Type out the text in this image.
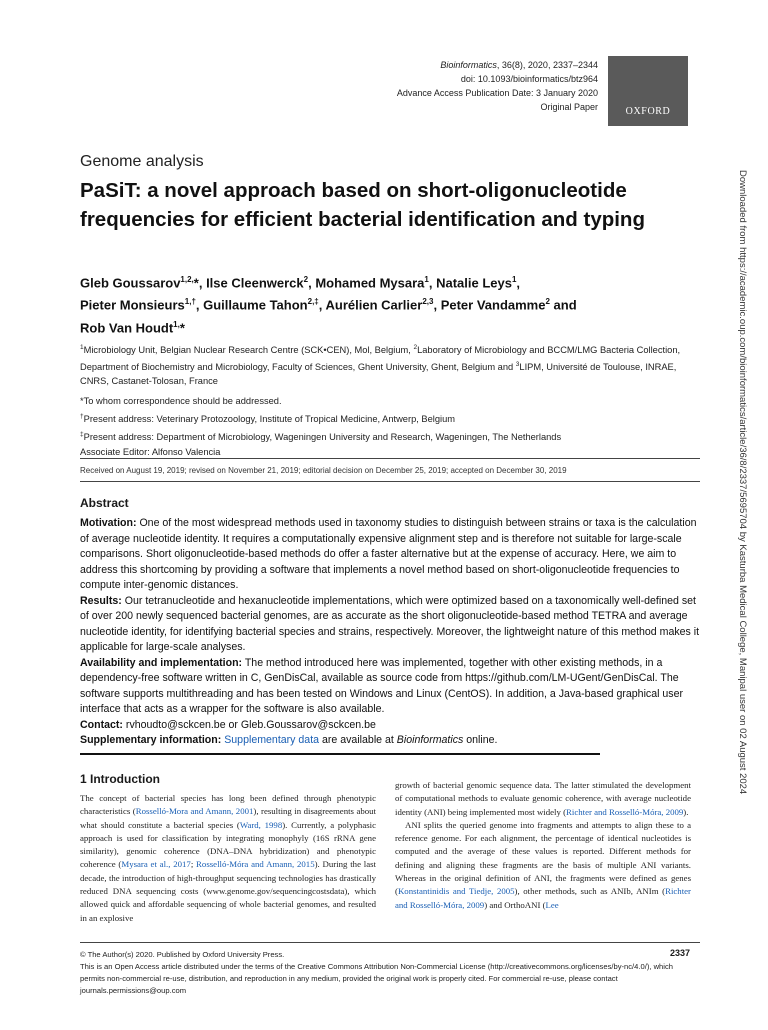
Bioinformatics, 36(8), 2020, 2337–2344
doi: 10.1093/bioinformatics/btz964
Advance Access Publication Date: 3 January 2020
Original Paper	OXFORD
Downloaded from https://academic.oup.com/bioinformatics/article/36/8/2337/5695704 by Kasturba Medical College, Manipal user on 02 August 2024
Genome analysis
PaSiT: a novel approach based on short-oligonucleotide frequencies for efficient bacterial identification and typing
Gleb Goussarov$^{1,2,}$*, Ilse Cleenwerck$^2$, Mohamed Mysara$^1$, Natalie Leys$^1$,
Pieter Monsieurs$^{1,\dagger}$, Guillaume Tahon$^{2,\ddagger}$, Aurélien Carlier$^{2,3}$, Peter Vandamme$^2$ and
Rob Van Houdt$^{1,}$*
$^1$Microbiology Unit, Belgian Nuclear Research Centre (SCK•CEN), Mol, Belgium, $^2$Laboratory of Microbiology and BCCM/LMG Bacteria Collection, Department of Biochemistry and Microbiology, Faculty of Sciences, Ghent University, Ghent, Belgium and $^3$LIPM, Université de Toulouse, INRAE, CNRS, Castanet-Tolosan, France
*To whom correspondence should be addressed.
†Present address: Veterinary Protozoology, Institute of Tropical Medicine, Antwerp, Belgium
‡Present address: Department of Microbiology, Wageningen University and Research, Wageningen, The Netherlands
Associate Editor: Alfonso Valencia
Received on August 19, 2019; revised on November 21, 2019; editorial decision on December 25, 2019; accepted on December 30, 2019
Abstract

Motivation: One of the most widespread methods used in taxonomy studies to distinguish between strains or taxa is the calculation of average nucleotide identity. It requires a computationally expensive alignment step and is therefore not suitable for large-scale comparisons. Short oligonucleotide-based methods do offer a faster alternative but at the expense of accuracy. Here, we aim to address this shortcoming by providing a software that implements a novel method based on short-oligonucleotide frequencies to compute inter-genomic distances.

Results: Our tetranucleotide and hexanucleotide implementations, which were optimized based on a taxonomically well-defined set of over 200 newly sequenced bacterial genomes, are as accurate as the short oligonucleotide-based method TETRA and average nucleotide identity, for identifying bacterial species and strains, respectively. Moreover, the lightweight nature of this method makes it applicable for large-scale analyses.

Availability and implementation: The method introduced here was implemented, together with other existing methods, in a dependency-free software written in C, GenDisCal, available as source code from https://github.com/LM-UGent/GenDisCal. The software supports multithreading and has been tested on Windows and Linux (CentOS). In addition, a Java-based graphical user interface that acts as a wrapper for the software is also available.

Contact: rvhoudto@sckcen.be or Gleb.Goussarov@sckcen.be

Supplementary information: Supplementary data are available at Bioinformatics online.

1 Introduction

The concept of bacterial species has long been defined through phenotypic characteristics (Rosselló-Mora and Amann, 2001), resulting in disagreements about what should constitute a bacterial species (Ward, 1998). Currently, a polyphasic approach is used for classification by integrating monophyly (16S rRNA gene similarity), genomic coherence (DNA–DNA hybridization) and phenotypic coherence (Mysara et al., 2017; Rosselló-Móra and Amann, 2015). During the last decade, the introduction of high-throughput sequencing technologies has drastically reduced DNA sequencing costs (www.genome.gov/sequencingcostsdata), which allowed quick and affordable sequencing of whole bacterial genomes, and resulted in an explosive

growth of bacterial genomic sequence data. The latter stimulated the development of computational methods to evaluate genomic coherence, with average nucleotide identity (ANI) being implemented most widely (Richter and Rosselló-Móra, 2009).

ANI splits the queried genome into fragments and attempts to align these to a reference genome. For each alignment, the percentage of identical nucleotides is computed and the average of these values is reported. Different methods for defining and aligning these fragments are the basis of multiple ANI variants. Whereas in the original definition of ANI, the fragments were defined as genes (Konstantinidis and Tiedje, 2005), other methods, such as ANIb, ANIm (Richter and Rosselló-Móra, 2009) and OrthoANI (Lee

2337
© The Author(s) 2020. Published by Oxford University Press.
This is an Open Access article distributed under the terms of the Creative Commons Attribution Non-Commercial License (http://creativecommons.org/licenses/by-nc/4.0/), which permits non-commercial re-use, distribution, and reproduction in any medium, provided the original work is properly cited. For commercial re-use, please contact journals.permissions@oup.com
